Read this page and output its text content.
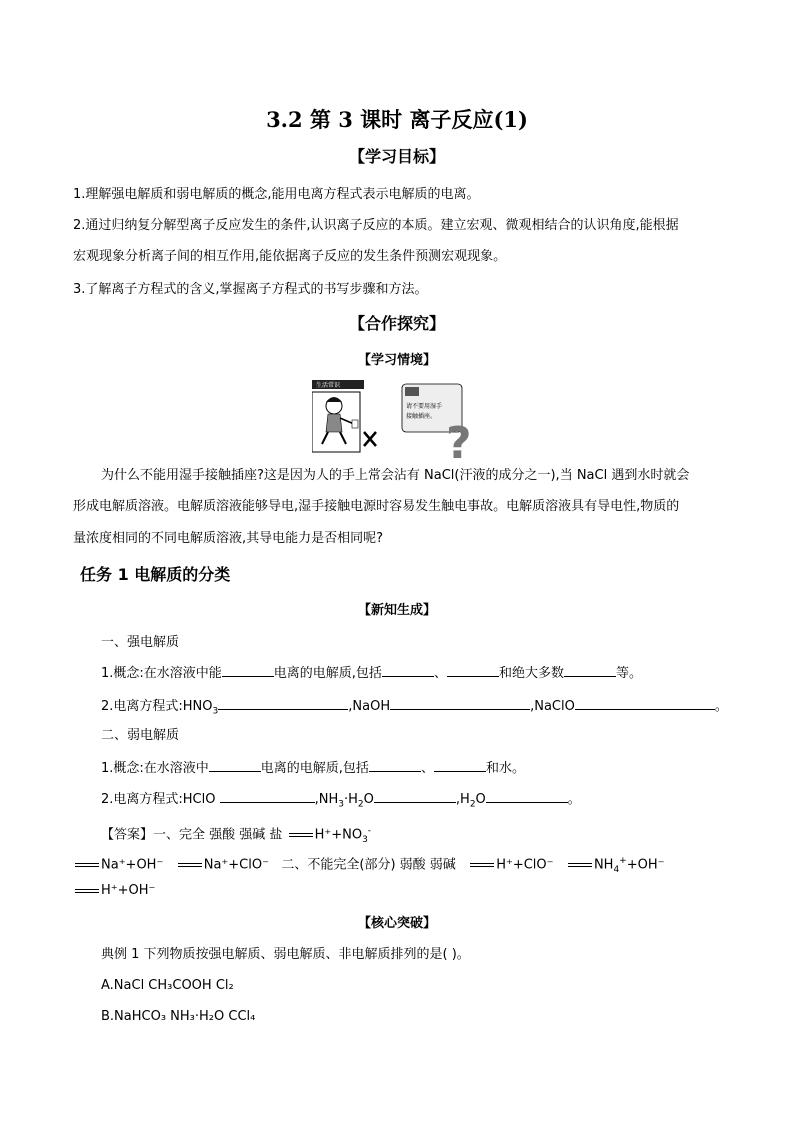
3.2 第 3 课时 离子反应(1)
【学习目标】
1.理解强电解质和弱电解质的概念,能用电离方程式表示电解质的电离。
2.通过归纳复分解型离子反应发生的条件,认识离子反应的本质。建立宏观、微观相结合的认识角度,能根据
宏观现象分析离子间的相互作用,能依据离子反应的发生条件预测宏观现象。
3.了解离子方程式的含义,掌握离子方程式的书写步骤和方法。
【合作探究】
【学习情境】
生活常识
请不要用湿手
接触插座。
?
为什么不能用湿手接触插座?这是因为人的手上常会沾有 NaCl(汗液的成分之一),当 NaCl 遇到水时就会
形成电解质溶液。电解质溶液能够导电,湿手接触电源时容易发生触电事故。电解质溶液具有导电性,物质的
量浓度相同的不同电解质溶液,其导电能力是否相同呢?
任务 1 电解质的分类
【新知生成】
一、强电解质
1.概念:在水溶液中能	电离的电解质,包括	、	和绝大多数	等。
2.电离方程式$:HNO_3$	,NaOH	,NaClO	。
二、弱电解质
1.概念:在水溶液中	电离的电解质,包括	、	和水。
2.电离方程式:HClO	$,NH_3\cdot H_2O$	$,H_2O$	。
【答案】一、完全 强酸 强碱 盐 $H^++NO_3^-$
Na⁺+OH⁻	Na⁺+ClO⁻ 二、不能完全(部分) 弱酸 弱碱	H⁺+ClO⁻	$NH_4^++OH^-$
H⁺+OH⁻
【核心突破】
典例 1 下列物质按强电解质、弱电解质、非电解质排列的是( )。
A.NaCl CH₃COOH Cl₂
B.NaHCO₃ NH₃·H₂O CCl₄
